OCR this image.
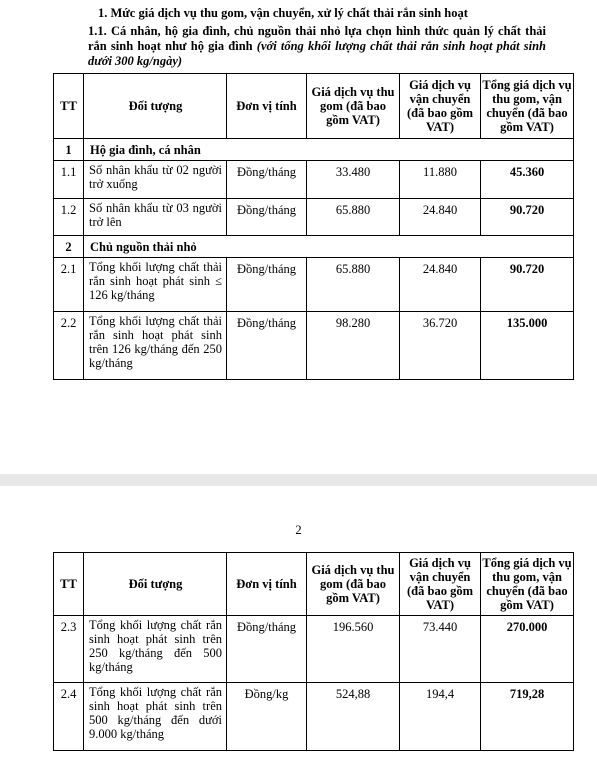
1. Mức giá dịch vụ thu gom, vận chuyển, xử lý chất thải rắn sinh hoạt
1.1. Cá nhân, hộ gia đình, chủ nguồn thải nhỏ lựa chọn hình thức quản lý chất thải rắn sinh hoạt như hộ gia đình (với tổng khối lượng chất thải rắn sinh hoạt phát sinh dưới 300 kg/ngày)
TT	Đối tượng	Đơn vị tính	Giá dịch vụ thu gom (đã bao gồm VAT)	Giá dịch vụ vận chuyển (đã bao gồm VAT)	Tổng giá dịch vụ thu gom, vận chuyển (đã bao gồm VAT)
1	Hộ gia đình, cá nhân				
1.1	Số nhân khẩu từ 02 người trở xuống	Đồng/tháng	33.480	11.880	45.360
1.2	Số nhân khẩu từ 03 người trở lên	Đồng/tháng	65.880	24.840	90.720
2	Chủ nguồn thải nhỏ				
2.1	Tổng khối lượng chất thải rắn sinh hoạt phát sinh ≤ 126 kg/tháng	Đồng/tháng	65.880	24.840	90.720
2.2	Tổng khối lượng chất thải rắn sinh hoạt phát sinh trên 126 kg/tháng đến 250 kg/tháng	Đồng/tháng	98.280	36.720	135.000
2
TT	Đối tượng	Đơn vị tính	Giá dịch vụ thu gom (đã bao gồm VAT)	Giá dịch vụ vận chuyển (đã bao gồm VAT)	Tổng giá dịch vụ thu gom, vận chuyển (đã bao gồm VAT)
2.3	Tổng khối lượng chất rắn sinh hoạt phát sinh trên 250 kg/tháng đến 500 kg/tháng	Đồng/tháng	196.560	73.440	270.000
2.4	Tổng khối lượng chất rắn sinh hoạt phát sinh trên 500 kg/tháng đến dưới 9.000 kg/tháng	Đồng/kg	524,88	194,4	719,28
